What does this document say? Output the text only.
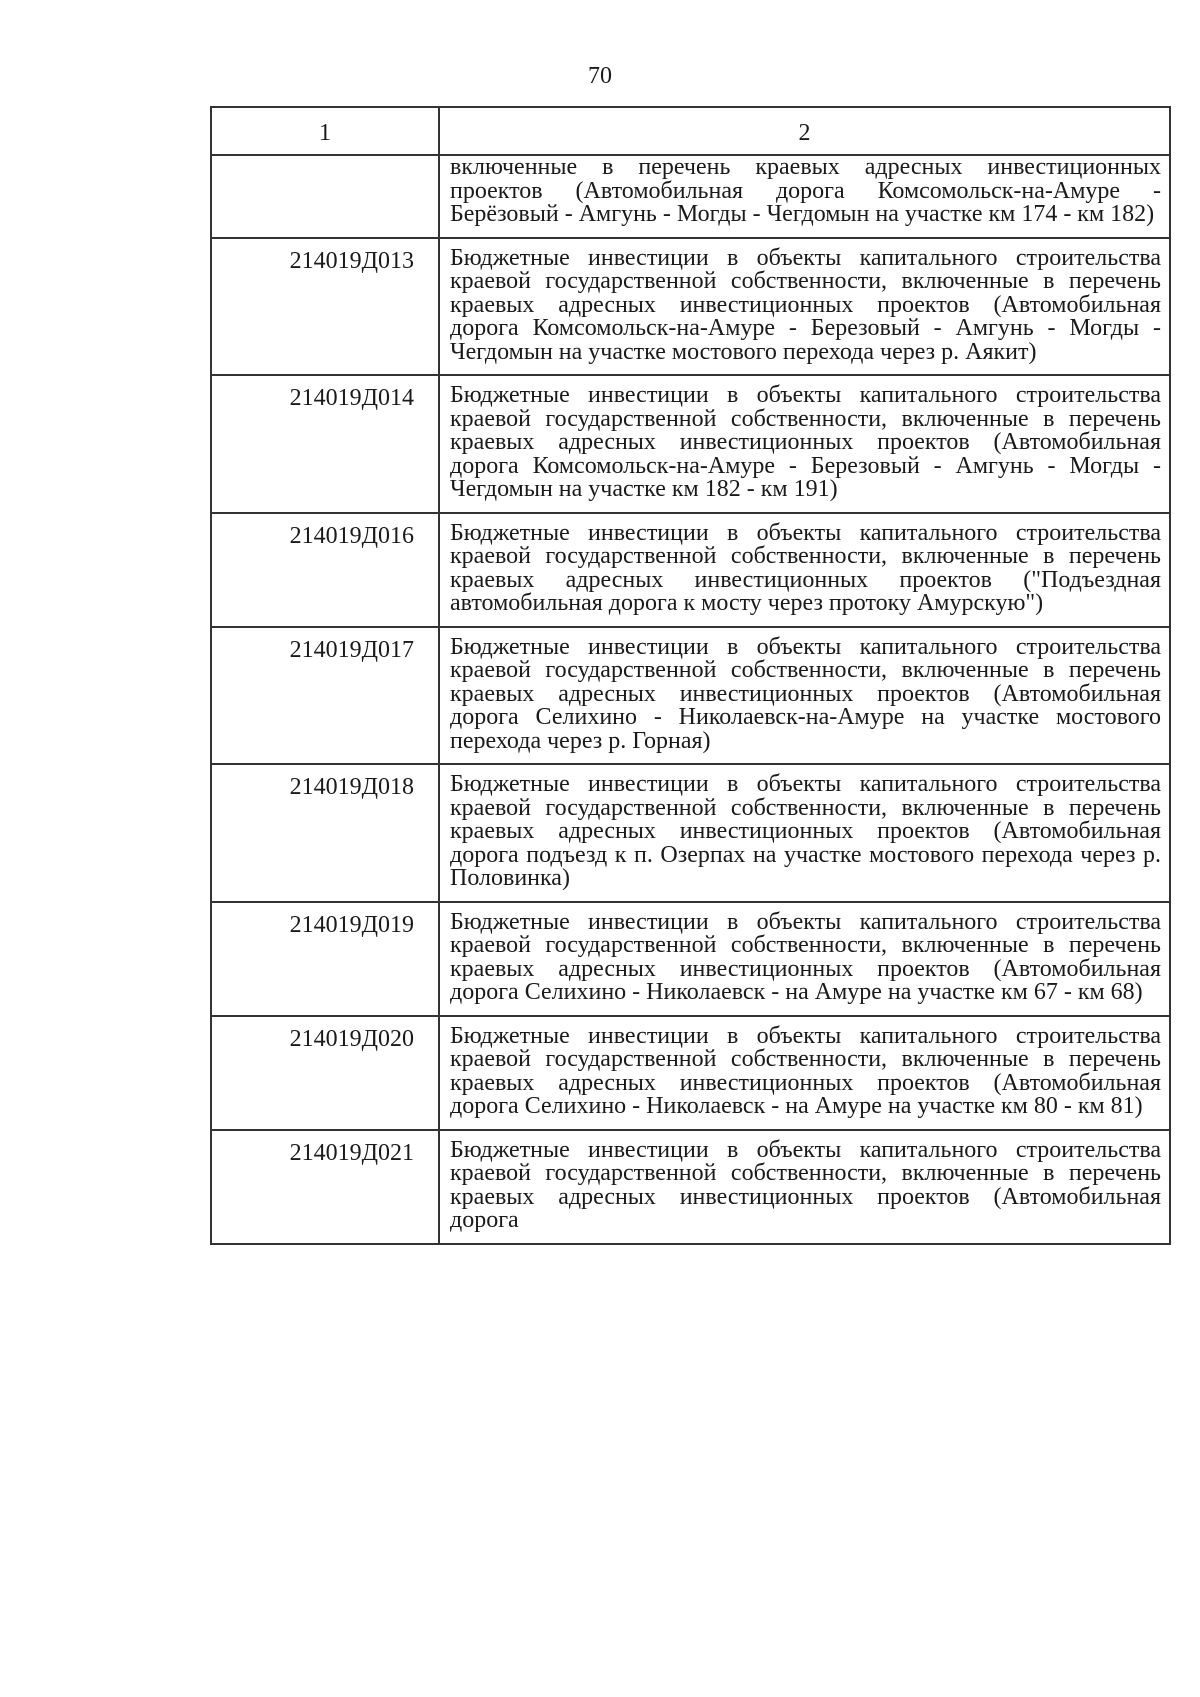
70
1	2
	включенные в перечень краевых адресных инвестиционных проектов (Автомобильная дорога Комсомольск-на-Амуре - Берёзовый - Амгунь - Могды - Чегдомын на участке км 174 - км 182)
214019Д013	Бюджетные инвестиции в объекты капитального строительства краевой государственной собственности, включенные в перечень краевых адресных инвестиционных проектов (Автомобильная дорога Комсомольск-на-Амуре - Березовый - Амгунь - Могды - Чегдомын на участке мостового перехода через р. Аякит)
214019Д014	Бюджетные инвестиции в объекты капитального строительства краевой государственной собственности, включенные в перечень краевых адресных инвестиционных проектов (Автомобильная дорога Комсомольск-на-Амуре - Березовый - Амгунь - Могды - Чегдомын на участке км 182 - км 191)
214019Д016	Бюджетные инвестиции в объекты капитального строительства краевой государственной собственности, включенные в перечень краевых адресных инвестиционных проектов ("Подъездная автомобильная дорога к мосту через протоку Амурскую")
214019Д017	Бюджетные инвестиции в объекты капитального строительства краевой государственной собственности, включенные в перечень краевых адресных инвестиционных проектов (Автомобильная дорога Селихино - Николаевск-на-Амуре на участке мостового перехода через р. Горная)
214019Д018	Бюджетные инвестиции в объекты капитального строительства краевой государственной собственности, включенные в перечень краевых адресных инвестиционных проектов (Автомобильная дорога подъезд к п. Озерпах на участке мостового перехода через р. Половинка)
214019Д019	Бюджетные инвестиции в объекты капитального строительства краевой государственной собственности, включенные в перечень краевых адресных инвестиционных проектов (Автомобильная дорога Селихино - Николаевск - на Амуре на участке км 67 - км 68)
214019Д020	Бюджетные инвестиции в объекты капитального строительства краевой государственной собственности, включенные в перечень краевых адресных инвестиционных проектов (Автомобильная дорога Селихино - Николаевск - на Амуре на участке км 80 - км 81)
214019Д021	Бюджетные инвестиции в объекты капитального строительства краевой государственной собственности, включенные в перечень краевых адресных инвестиционных проектов (Автомобильная дорога
